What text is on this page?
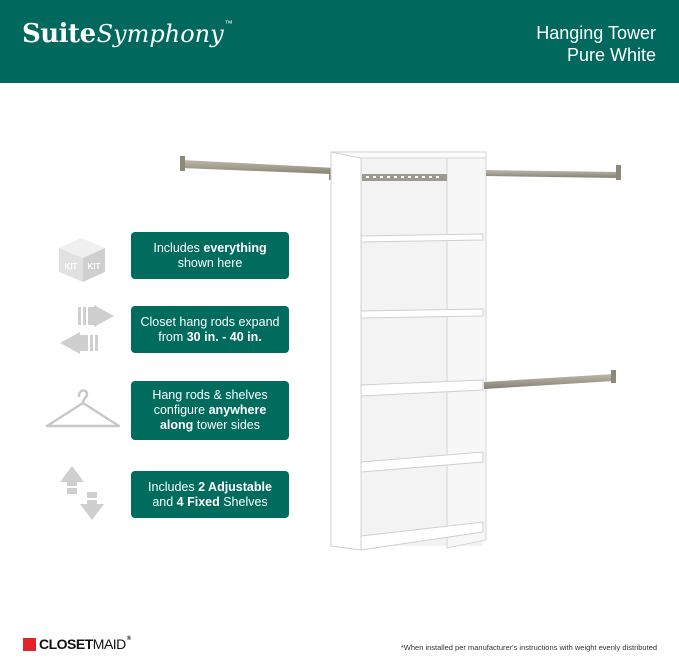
SuiteSymphony™	Hanging Tower
Pure White
KIT KIT
Includes everything
shown here
Closet hang rods expand
from 30 in. - 40 in.
Hang rods & shelves configure anywhere
along tower sides
Includes 2 Adjustable
and 4 Fixed Shelves
CLOSETMAID®
*When installed per manufacturer's instructions with weight evenly distributed
